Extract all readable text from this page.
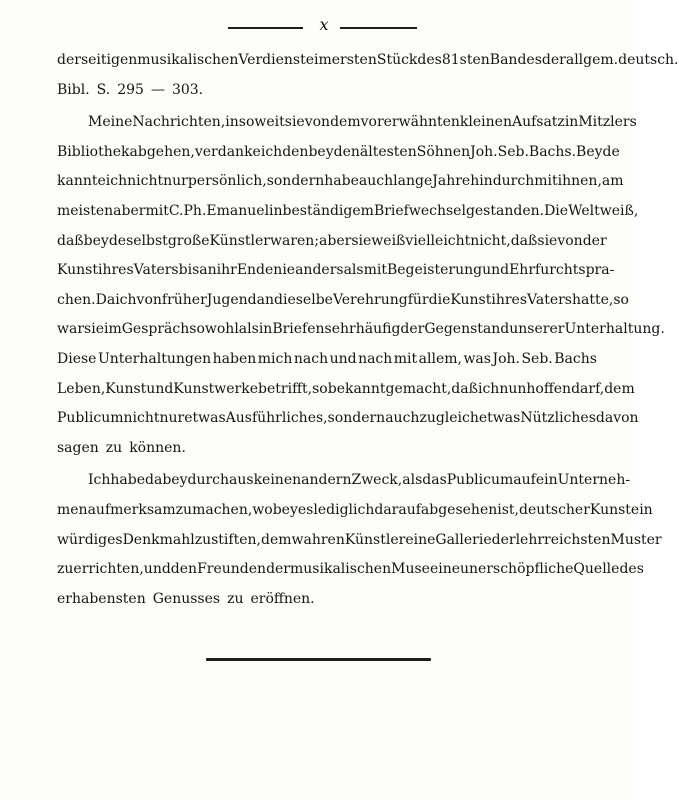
x
derseitigen musikalischen Verdienste im ersten Stück des 81sten Bandes der allgem. deutsch.
Bibl. S. 295 — 303.
Meine Nachrichten, in so weit sie von dem vorerwähnten kleinen Aufsatz in Mitzlers
Bibliothek abgehen, verdanke ich den beyden ältesten Söhnen Joh. Seb. Bachs. Beyde
kannte ich nicht nur persönlich, sondern habe auch lange Jahre hindurch mit ihnen, am
meisten aber mit C. Ph. Emanuel in beständigem Briefwechsel gestanden. Die Welt weiß,
daß beyde selbst große Künstler waren; aber sie weiß vielleicht nicht, daß sie von der
Kunst ihres Vaters bis an ihr Ende nie anders als mit Begeisterung und Ehrfurcht spra-
chen. Da ich von früher Jugend an dieselbe Verehrung für die Kunst ihres Vaters hatte, so
war sie im Gespräch so wohl als in Briefen sehr häufig der Gegenstand unserer Unterhaltung.
Diese Unterhaltungen haben mich nach und nach mit allem, was Joh. Seb. Bachs
Leben, Kunst und Kunstwerke betrifft, so bekannt gemacht, daß ich nun hoffen darf, dem
Publicum nicht nur etwas Ausführliches, sondern auch zugleich etwas Nützliches davon
sagen zu können.
Ich habe dabey durchaus keinen andern Zweck, als das Publicum auf ein Unterneh-
men aufmerksam zu machen, wobey es lediglich darauf abgesehen ist, deutscher Kunst ein
würdiges Denkmahl zu stiften, dem wahren Künstler eine Gallerie der lehrreichsten Muster
zu errichten, und den Freunden der musikalischen Muse eine unerschöpfliche Quelle des
erhabensten Genusses zu eröffnen.
